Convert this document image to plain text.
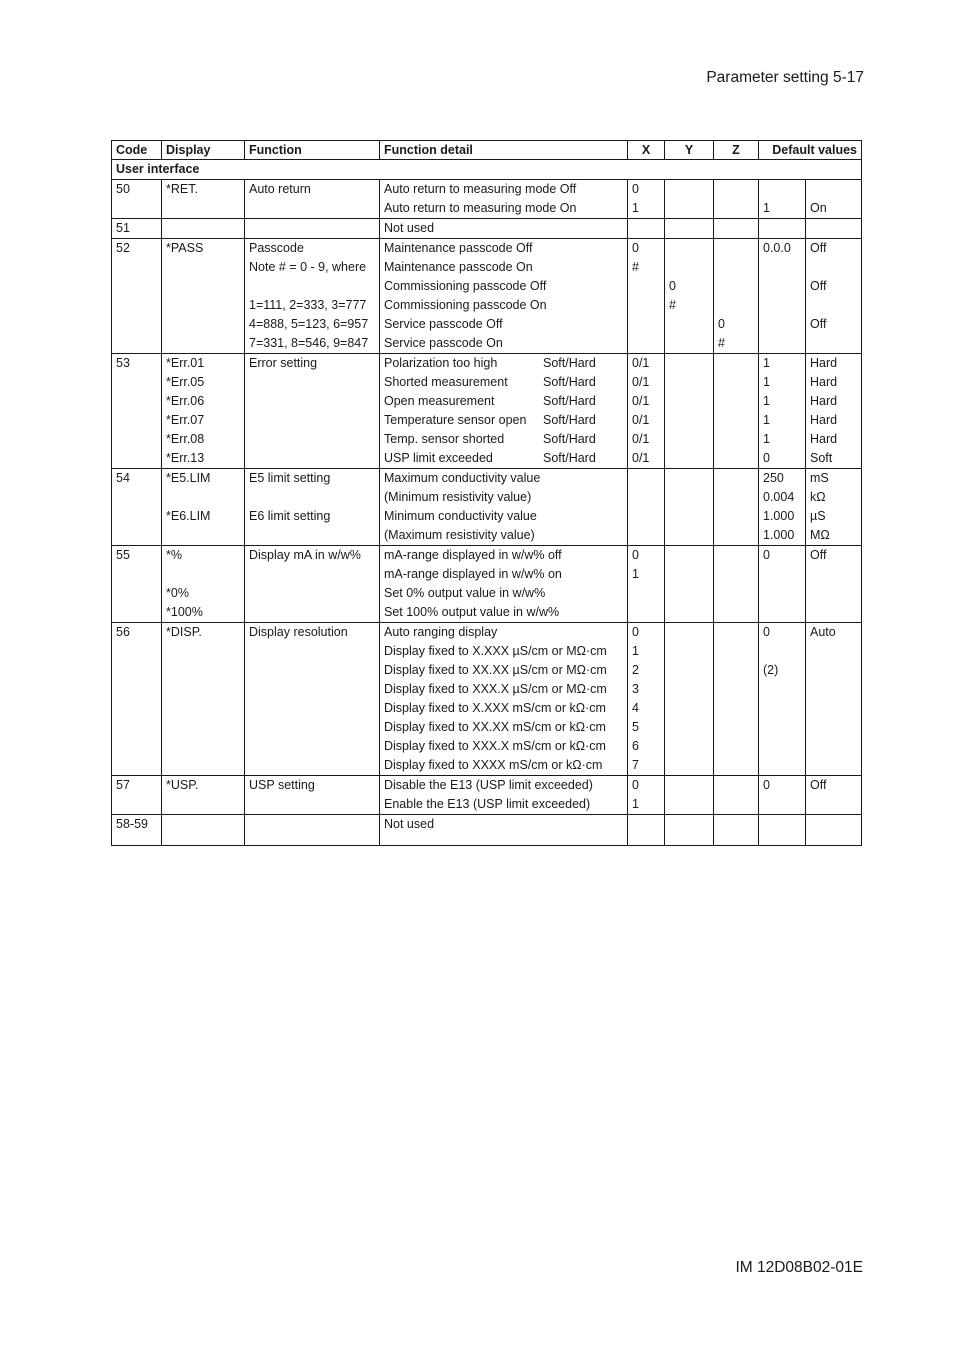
Parameter setting 5-17
Code	Display	Function	Function detail	X	Y	Z	Default values	
User interface								
50	*RET.	Auto return	Auto return to measuring mode Off	0				
			Auto return to measuring mode On	1			1	On
51			Not used					
52	*PASS	Passcode	Maintenance passcode Off	0			0.0.0	Off
		Note # = 0 - 9, where	Maintenance passcode On	#				
			Commissioning passcode Off		0			Off
		1=111, 2=333, 3=777	Commissioning passcode On		#			
		4=888, 5=123, 6=957	Service passcode Off			0		Off
		7=331, 8=546, 9=847	Service passcode On			#		
53	*Err.01	Error setting	Polarization too high Soft/Hard	0/1			1	Hard
	*Err.05		Shorted measurement Soft/Hard	0/1			1	Hard
	*Err.06		Open measurement Soft/Hard	0/1			1	Hard
	*Err.07		Temperature sensor open Soft/Hard	0/1			1	Hard
	*Err.08		Temp. sensor shorted Soft/Hard	0/1			1	Hard
	*Err.13		USP limit exceeded Soft/Hard	0/1			0	Soft
54	*E5.LIM	E5 limit setting	Maximum conductivity value				250	mS
			(Minimum resistivity value)				0.004	kΩ
	*E6.LIM	E6 limit setting	Minimum conductivity value				1.000	µS
			(Maximum resistivity value)				1.000	MΩ
55	*%	Display mA in w/w%	mA-range displayed in w/w% off	0			0	Off
			mA-range displayed in w/w% on	1				
	*0%		Set 0% output value in w/w%					
	*100%		Set 100% output value in w/w%					
56	*DISP.	Display resolution	Auto ranging display	0			0	Auto
			Display fixed to X.XXX µS/cm or MΩ·cm	1				
			Display fixed to XX.XX µS/cm or MΩ·cm	2			(2)	
			Display fixed to XXX.X µS/cm or MΩ·cm	3				
			Display fixed to X.XXX mS/cm or kΩ·cm	4				
			Display fixed to XX.XX mS/cm or kΩ·cm	5				
			Display fixed to XXX.X mS/cm or kΩ·cm	6				
			Display fixed to XXXX mS/cm or kΩ·cm	7				
57	*USP.	USP setting	Disable the E13 (USP limit exceeded)	0			0	Off
			Enable the E13 (USP limit exceeded)	1				
58-59			Not used					
IM 12D08B02-01E
